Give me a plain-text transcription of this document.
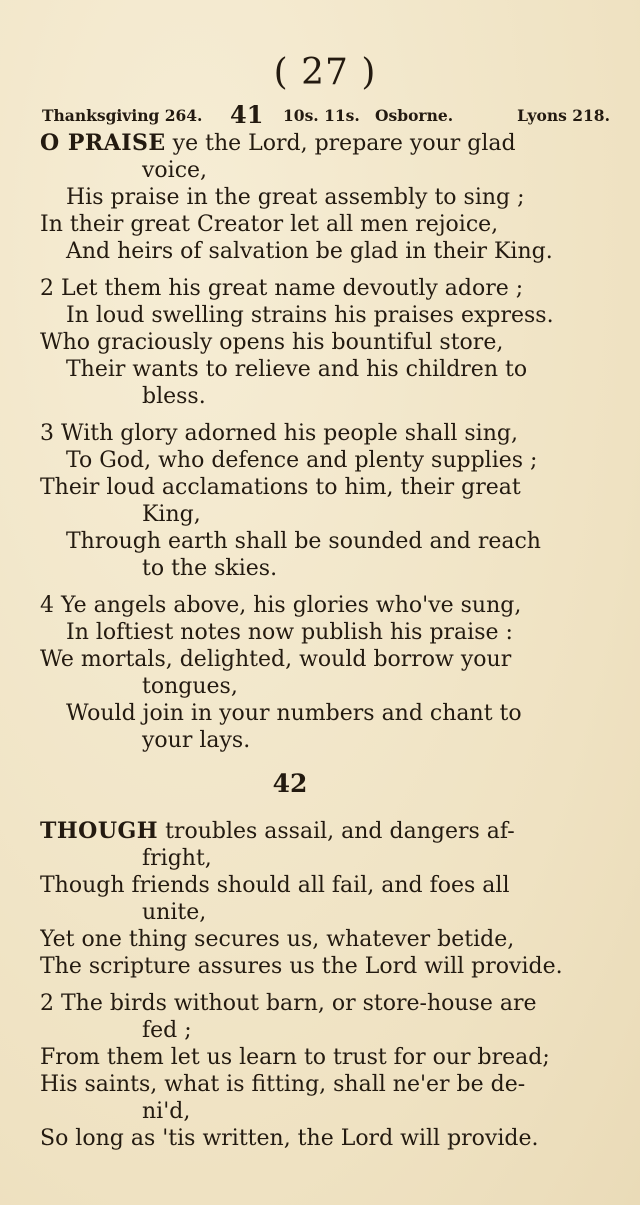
( 27 )
Thanksgiving 264. 41 10s. 11s. Osborne.	Lyons 218.
O PRAISE ye the Lord, prepare your glad
voice,
His praise in the great assembly to sing ;
In their great Creator let all men rejoice,
And heirs of salvation be glad in their King.
2 Let them his great name devoutly adore ;
In loud swelling strains his praises express.
Who graciously opens his bountiful store,
Their wants to relieve and his children to
bless.
3 With glory adorned his people shall sing,
To God, who defence and plenty supplies ;
Their loud acclamations to him, their great
King,
Through earth shall be sounded and reach
to the skies.
4 Ye angels above, his glories who've sung,
In loftiest notes now publish his praise :
We mortals, delighted, would borrow your
tongues,
Would join in your numbers and chant to
your lays.
42
THOUGH troubles assail, and dangers af-
fright,
Though friends should all fail, and foes all
unite,
Yet one thing secures us, whatever betide,
The scripture assures us the Lord will provide.
2 The birds without barn, or store-house are
fed ;
From them let us learn to trust for our bread;
His saints, what is fitting, shall ne'er be de-
ni'd,
So long as 'tis written, the Lord will provide.
